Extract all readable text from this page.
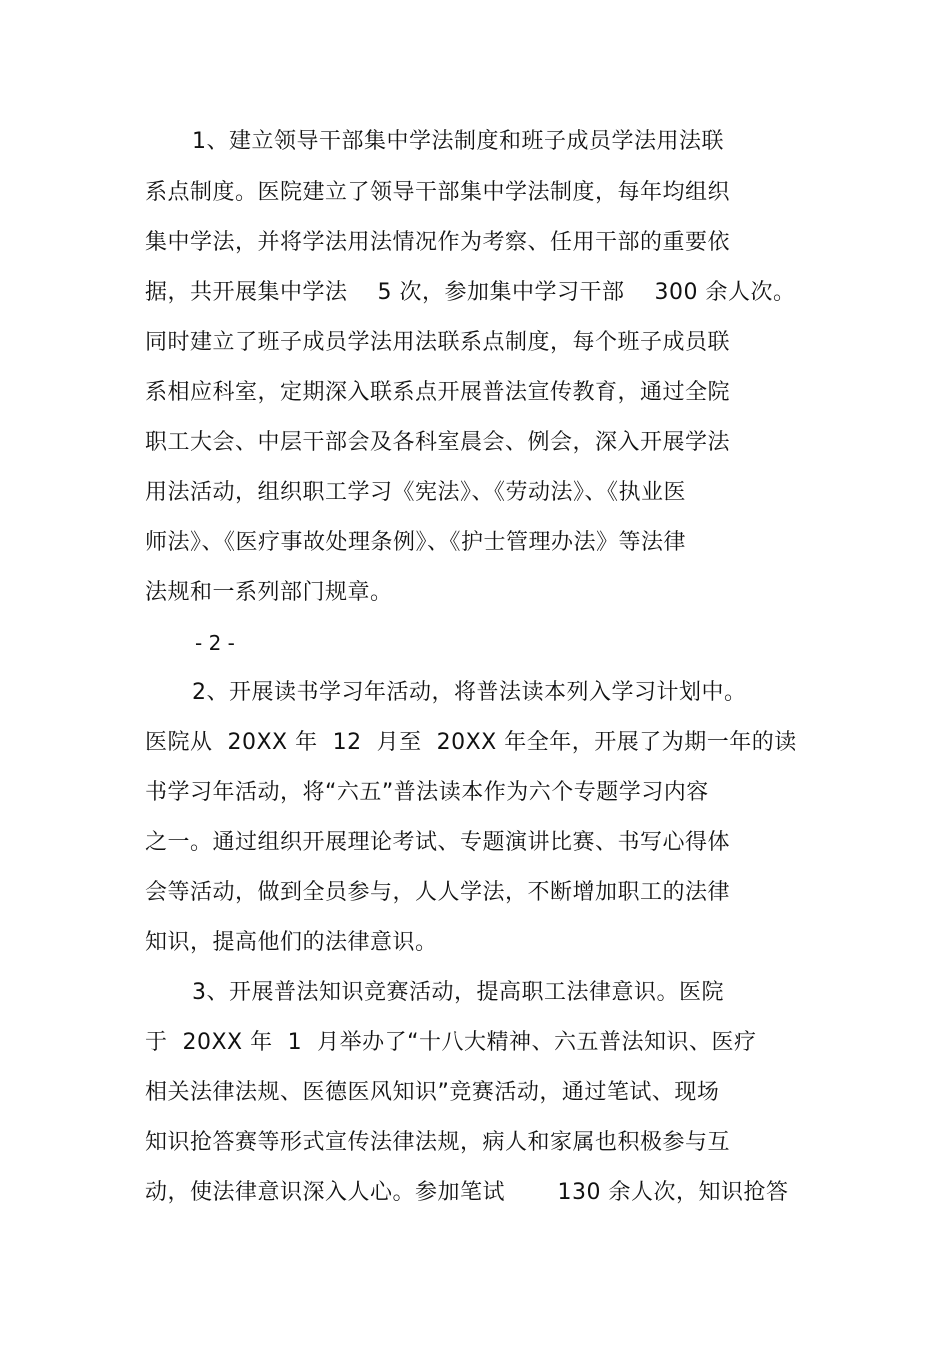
1、建立领导干部集中学法制度和班子成员学法用法联
系点制度。医院建立了领导干部集中学法制度，每年均组织
集中学法，并将学法用法情况作为考察、任用干部的重要依
据，共开展集中学法　 5 次，参加集中学习干部　 300 余人次。
同时建立了班子成员学法用法联系点制度，每个班子成员联
系相应科室，定期深入联系点开展普法宣传教育，通过全院
职工大会、中层干部会及各科室晨会、例会，深入开展学法
用法活动，组织职工学习《宪法》、《劳动法》、《执业医
师法》、《医疗事故处理条例》、《护士管理办法》等法律
法规和一系列部门规章。
- 2 -
2、开展读书学习年活动，将普法读本列入学习计划中。
医院从  20XX 年  12  月至  20XX 年全年，开展了为期一年的读
书学习年活动，将“六五”普法读本作为六个专题学习内容
之一。通过组织开展理论考试、专题演讲比赛、书写心得体
会等活动，做到全员参与，人人学法，不断增加职工的法律
知识，提高他们的法律意识。
3、开展普法知识竞赛活动，提高职工法律意识。医院
于  20XX 年  1  月举办了“十八大精神、六五普法知识、医疗
相关法律法规、医德医风知识”竞赛活动，通过笔试、现场
知识抢答赛等形式宣传法律法规，病人和家属也积极参与互
动，使法律意识深入人心。参加笔试　　 130 余人次，知识抢答
